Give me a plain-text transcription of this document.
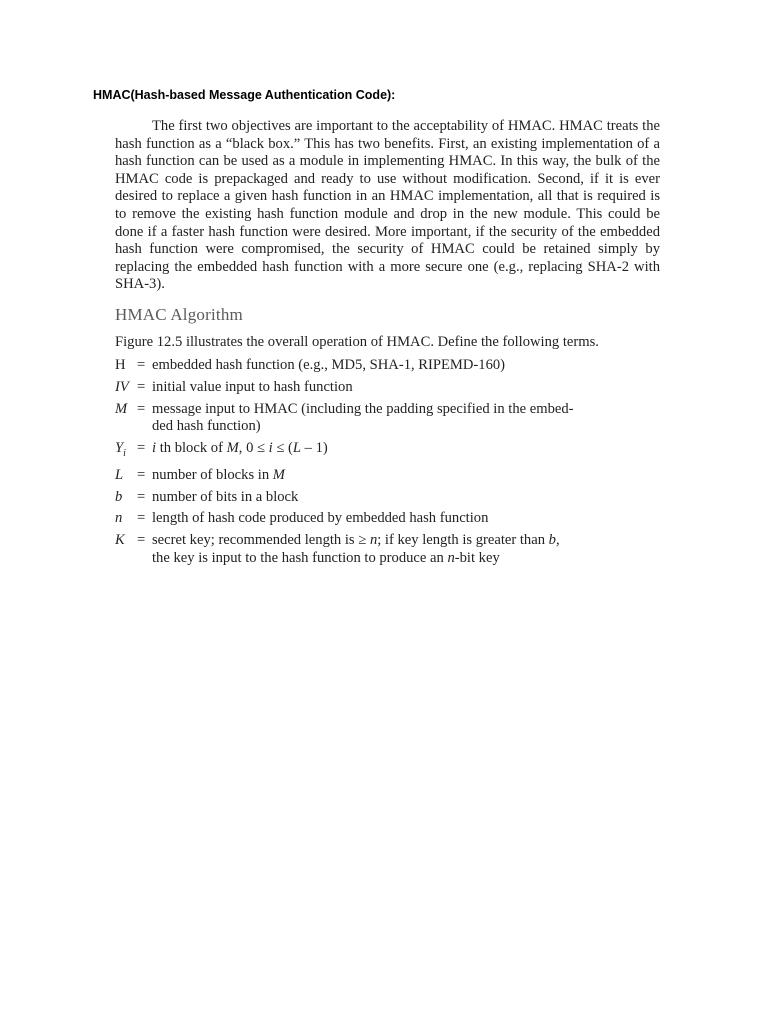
HMAC(Hash-based Message Authentication Code):

The first two objectives are important to the acceptability of HMAC. HMAC treats the hash function as a “black box.” This has two benefits. First, an existing implementation of a hash function can be used as a module in implementing HMAC. In this way, the bulk of the HMAC code is prepackaged and ready to use without modification. Second, if it is ever desired to replace a given hash function in an HMAC implementation, all that is required is to remove the existing hash function module and drop in the new module. This could be done if a faster hash function were desired. More important, if the security of the embedded hash function were compromised, the security of HMAC could be retained simply by replacing the embedded hash function with a more secure one (e.g., replacing SHA-2 with SHA-3).

HMAC Algorithm

Figure 12.5 illustrates the overall operation of HMAC. Define the following terms.

H = embedded hash function (e.g., MD5, SHA-1, RIPEMD-160)
IV = initial value input to hash function
M = message input to HMAC (including the padding specified in the embed-
ded hash function)
$Y_i = i$ th block of M, 0 ≤ i ≤ (L – 1)
L = number of blocks in M
b	= number of bits in a block
n	= length of hash code produced by embedded hash function
K = secret key; recommended length is ≥ n; if key length is greater than b,
the key is input to the hash function to produce an n-bit key
